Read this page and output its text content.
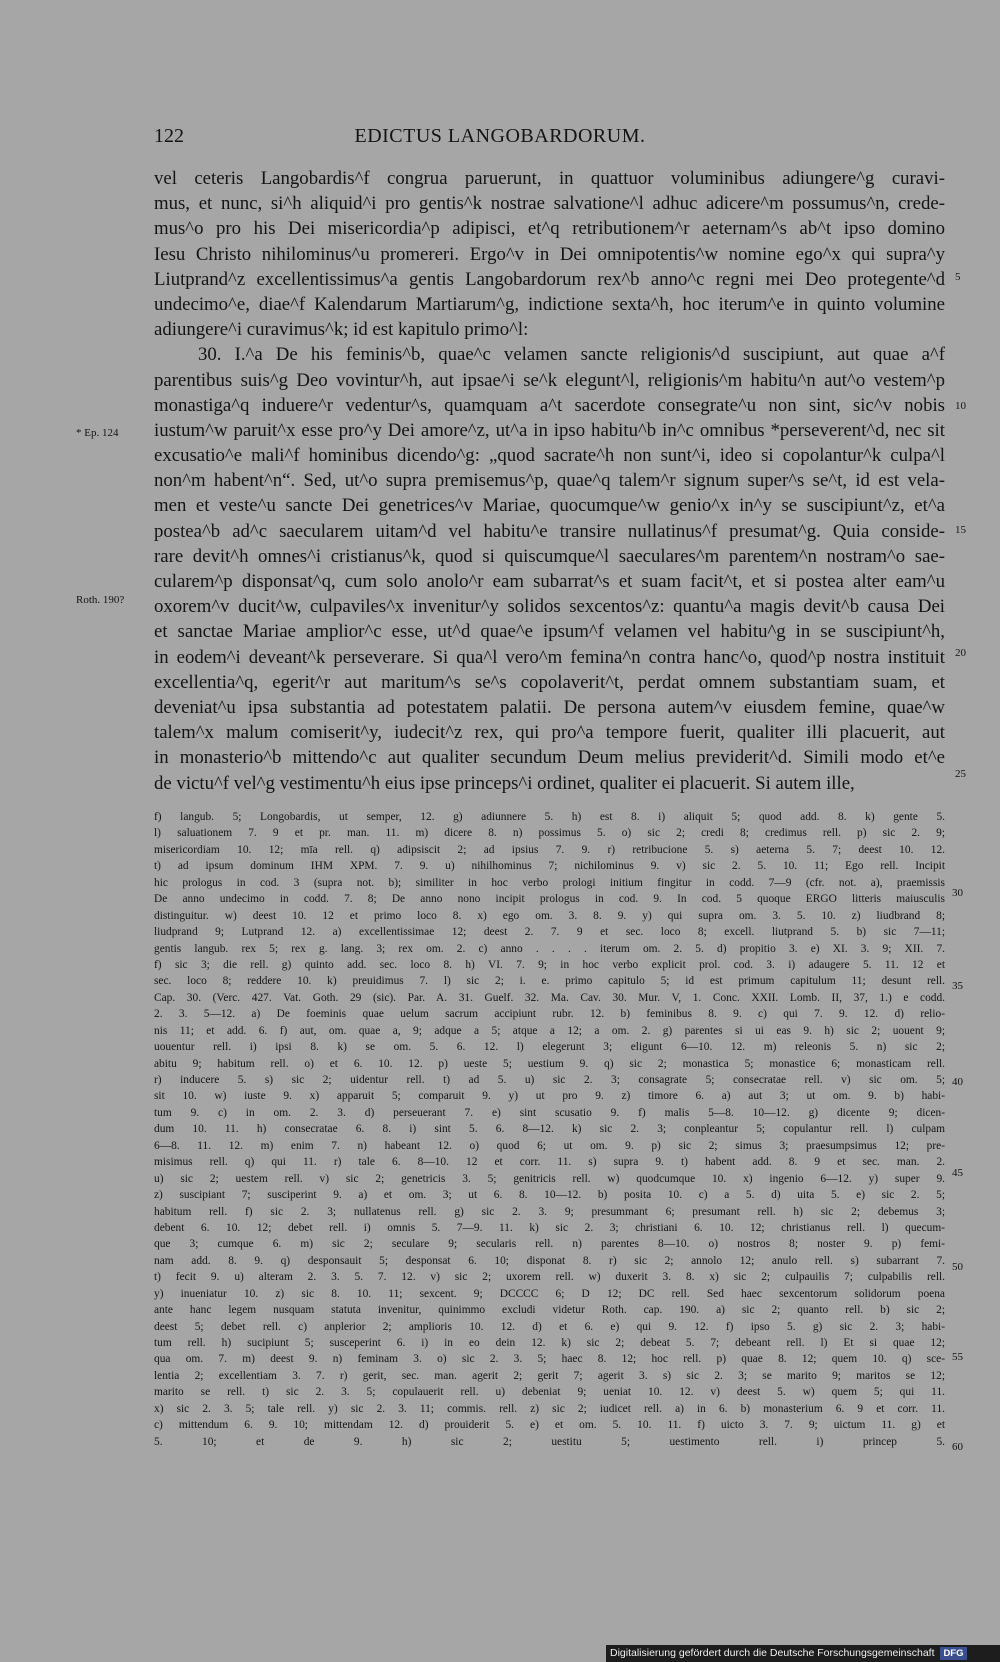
122	EDICTUS LANGOBARDORUM.
vel ceteris Langobardis^f congrua paruerunt, in quattuor voluminibus adiungere^g curavi-
mus, et nunc, si^h aliquid^i pro gentis^k nostrae salvatione^l adhuc adicere^m possumus^n, crede-
mus^o pro his Dei misericordia^p adipisci, et^q retributionem^r aeternam^s ab^t ipso domino
Iesu Christo nihilominus^u promereri. Ergo^v in Dei omnipotentis^w nomine ego^x qui supra^y
Liutprand^z excellentissimus^a gentis Langobardorum rex^b anno^c regni mei Deo protegente^d
undecimo^e, diae^f Kalendarum Martiarum^g, indictione sexta^h, hoc iterum^e in quinto volumine
adiungere^i curavimus^k; id est kapitulo primo^l:
30. I.^a De his feminis^b, quae^c velamen sancte religionis^d suscipiunt, aut quae a^f
parentibus suis^g Deo vovintur^h, aut ipsae^i se^k elegunt^l, religionis^m habitu^n aut^o vestem^p
monastiga^q induere^r vedentur^s, quamquam a^t sacerdote consegrate^u non sint, sic^v nobis
iustum^w paruit^x esse pro^y Dei amore^z, ut^a in ipso habitu^b in^c omnibus *perseverent^d, nec sit
excusatio^e mali^f hominibus dicendo^g: „quod sacrate^h non sunt^i, ideo si copolantur^k culpa^l
non^m habent^n“. Sed, ut^o supra premisemus^p, quae^q talem^r signum super^s se^t, id est vela-
men et veste^u sancte Dei genetrices^v Mariae, quocumque^w genio^x in^y se suscipiunt^z, et^a
postea^b ad^c saecularem uitam^d vel habitu^e transire nullatinus^f presumat^g. Quia conside-
rare devit^h omnes^i cristianus^k, quod si quiscumque^l saeculares^m parentem^n nostram^o sae-
cularem^p disponsat^q, cum solo anolo^r eam subarrat^s et suam facit^t, et si postea alter eam^u
oxorem^v ducit^w, culpaviles^x invenitur^y solidos sexcentos^z: quantu^a magis devit^b causa Dei
et sanctae Mariae amplior^c esse, ut^d quae^e ipsum^f velamen vel habitu^g in se suscipiunt^h,
in eodem^i deveant^k perseverare. Si qua^l vero^m femina^n contra hanc^o, quod^p nostra instituit
excellentia^q, egerit^r aut maritum^s se^s copolaverit^t, perdat omnem substantiam suam, et
deveniat^u ipsa substantia ad potestatem palatii. De persona autem^v eiusdem femine, quae^w
talem^x malum comiserit^y, iudecit^z rex, qui pro^a tempore fuerit, qualiter illi placuerit, aut
in monasterio^b mittendo^c aut qualiter secundum Deum melius previderit^d. Simili modo et^e
de victu^f vel^g vestimentu^h eius ipse princeps^i ordinet, qualiter ei placuerit. Si autem ille,
5
10
15
20
25
* Ep. 124
Roth. 190?
f) langub. 5; Longobardis, ut semper, 12. g) adiunnere 5. h) est 8. i) aliquit 5; quod add. 8. k) gente 5.
l) saluationem 7. 9 et pr. man. 11. m) dicere 8. n) possimus 5. o) sic 2; credi 8; credimus rell. p) sic 2. 9;
misericordiam 10. 12; mīa rell. q) adipsiscit 2; ad ipsius 7. 9. r) retribucione 5. s) aeterna 5. 7; deest 10. 12.
t) ad ipsum dominum IHM XPM. 7. 9. u) nihilhominus 7; nichilominus 9. v) sic 2. 5. 10. 11; Ego rell. Incipit
hic prologus in cod. 3 (supra not. b); similiter in hoc verbo prologi initium fingitur in codd. 7—9 (cfr. not. a), praemissis
De anno undecimo in codd. 7. 8; De anno nono incipit prologus in cod. 9. In cod. 5 quoque ERGO litteris maiusculis
distinguitur. w) deest 10. 12 et primo loco 8. x) ego om. 3. 8. 9. y) qui supra om. 3. 5. 10. z) liudbrand 8;
liudprand 9; Lutprand 12. a) excellentissimae 12; deest 2. 7. 9 et sec. loco 8; excell. liutprand 5. b) sic 7—11;
gentis langub. rex 5; rex g. lang. 3; rex om. 2. c) anno . . . . iterum om. 2. 5. d) propitio 3. e) XI. 3. 9; XII. 7.
f) sic 3; die rell. g) quinto add. sec. loco 8. h) VI. 7. 9; in hoc verbo explicit prol. cod. 3. i) adaugere 5. 11. 12 et
sec. loco 8; reddere 10. k) preuidimus 7. l) sic 2; i. e. primo capitulo 5; id est primum capitulum 11; desunt rell.
Cap. 30. (Verc. 427. Vat. Goth. 29 (sic). Par. A. 31. Guelf. 32. Ma. Cav. 30. Mur. V, 1. Conc. XXII. Lomb. II, 37, 1.) e codd.
2. 3. 5—12. a) De foeminis quae uelum sacrum accipiunt rubr. 12. b) feminibus 8. 9. c) qui 7. 9. 12. d) relio-
nis 11; et add. 6. f) aut, om. quae a, 9; adque a 5; atque a 12; a om. 2. g) parentes si ui eas 9. h) sic 2; uouent 9;
uouentur rell. i) ipsi 8. k) se om. 5. 6. 12. l) elegerunt 3; eligunt 6—10. 12. m) releonis 5. n) sic 2;
abitu 9; habitum rell. o) et 6. 10. 12. p) ueste 5; uestium 9. q) sic 2; monastica 5; monastice 6; monasticam rell.
r) inducere 5. s) sic 2; uidentur rell. t) ad 5. u) sic 2. 3; consagrate 5; consecratae rell. v) sic om. 5;
sit 10. w) iuste 9. x) apparuit 5; comparuit 9. y) ut pro 9. z) timore 6. a) aut 3; ut om. 9. b) habi-
tum 9. c) in om. 2. 3. d) perseuerant 7. e) sint scusatio 9. f) malis 5—8. 10—12. g) dicente 9; dicen-
dum 10. 11. h) consecratae 6. 8. i) sint 5. 6. 8—12. k) sic 2. 3; conpleantur 5; copulantur rell. l) culpam
6—8. 11. 12. m) enim 7. n) habeant 12. o) quod 6; ut om. 9. p) sic 2; simus 3; praesumpsimus 12; pre-
misimus rell. q) qui 11. r) tale 6. 8—10. 12 et corr. 11. s) supra 9. t) habent add. 8. 9 et sec. man. 2.
u) sic 2; uestem rell. v) sic 2; genetricis 3. 5; genitricis rell. w) quodcumque 10. x) ingenio 6—12. y) super 9.
z) suscipiant 7; susciperint 9. a) et om. 3; ut 6. 8. 10—12. b) posita 10. c) a 5. d) uita 5. e) sic 2. 5;
habitum rell. f) sic 2. 3; nullatenus rell. g) sic 2. 3. 9; presummant 6; presumant rell. h) sic 2; debemus 3;
debent 6. 10. 12; debet rell. i) omnis 5. 7—9. 11. k) sic 2. 3; christiani 6. 10. 12; christianus rell. l) quecum-
que 3; cumque 6. m) sic 2; seculare 9; secularis rell. n) parentes 8—10. o) nostros 8; noster 9. p) femi-
nam add. 8. 9. q) desponsauit 5; desponsat 6. 10; disponat 8. r) sic 2; annolo 12; anulo rell. s) subarrant 7.
t) fecit 9. u) alteram 2. 3. 5. 7. 12. v) sic 2; uxorem rell. w) duxerit 3. 8. x) sic 2; culpauilis 7; culpabilis rell.
y) inueniatur 10. z) sic 8. 10. 11; sexcent. 9; DCCCC 6; D 12; DC rell. Sed haec sexcentorum solidorum poena
ante hanc legem nusquam statuta invenitur, quinimmo excludi videtur Roth. cap. 190. a) sic 2; quanto rell. b) sic 2;
deest 5; debet rell. c) anplerior 2; amplioris 10. 12. d) et 6. e) qui 9. 12. f) ipso 5. g) sic 2. 3; habi-
tum rell. h) sucipiunt 5; susceperint 6. i) in eo dein 12. k) sic 2; debeat 5. 7; debeant rell. l) Et si quae 12;
qua om. 7. m) deest 9. n) feminam 3. o) sic 2. 3. 5; haec 8. 12; hoc rell. p) quae 8. 12; quem 10. q) sce-
lentia 2; excellentiam 3. 7. r) gerit, sec. man. agerit 2; gerit 7; agerit 3. s) sic 2. 3; se marito 9; maritos se 12;
marito se rell. t) sic 2. 3. 5; copulauerit rell. u) debeniat 9; ueniat 10. 12. v) deest 5. w) quem 5; qui 11.
x) sic 2. 3. 5; tale rell. y) sic 2. 3. 11; commis. rell. z) sic 2; iudicet rell. a) in 6. b) monasterium 6. 9 et corr. 11.
c) mittendum 6. 9. 10; mittendam 12. d) prouiderit 5. e) et om. 5. 10. 11. f) uicto 3. 7. 9; uictum 11. g) et
5. 10; et de 9. h) sic 2; uestitu 5; uestimento rell. i) princep 5.
30
35
40
45
50
55
60
Digitalisierung gefördert durch die Deutsche Forschungsgemeinschaft DFG
